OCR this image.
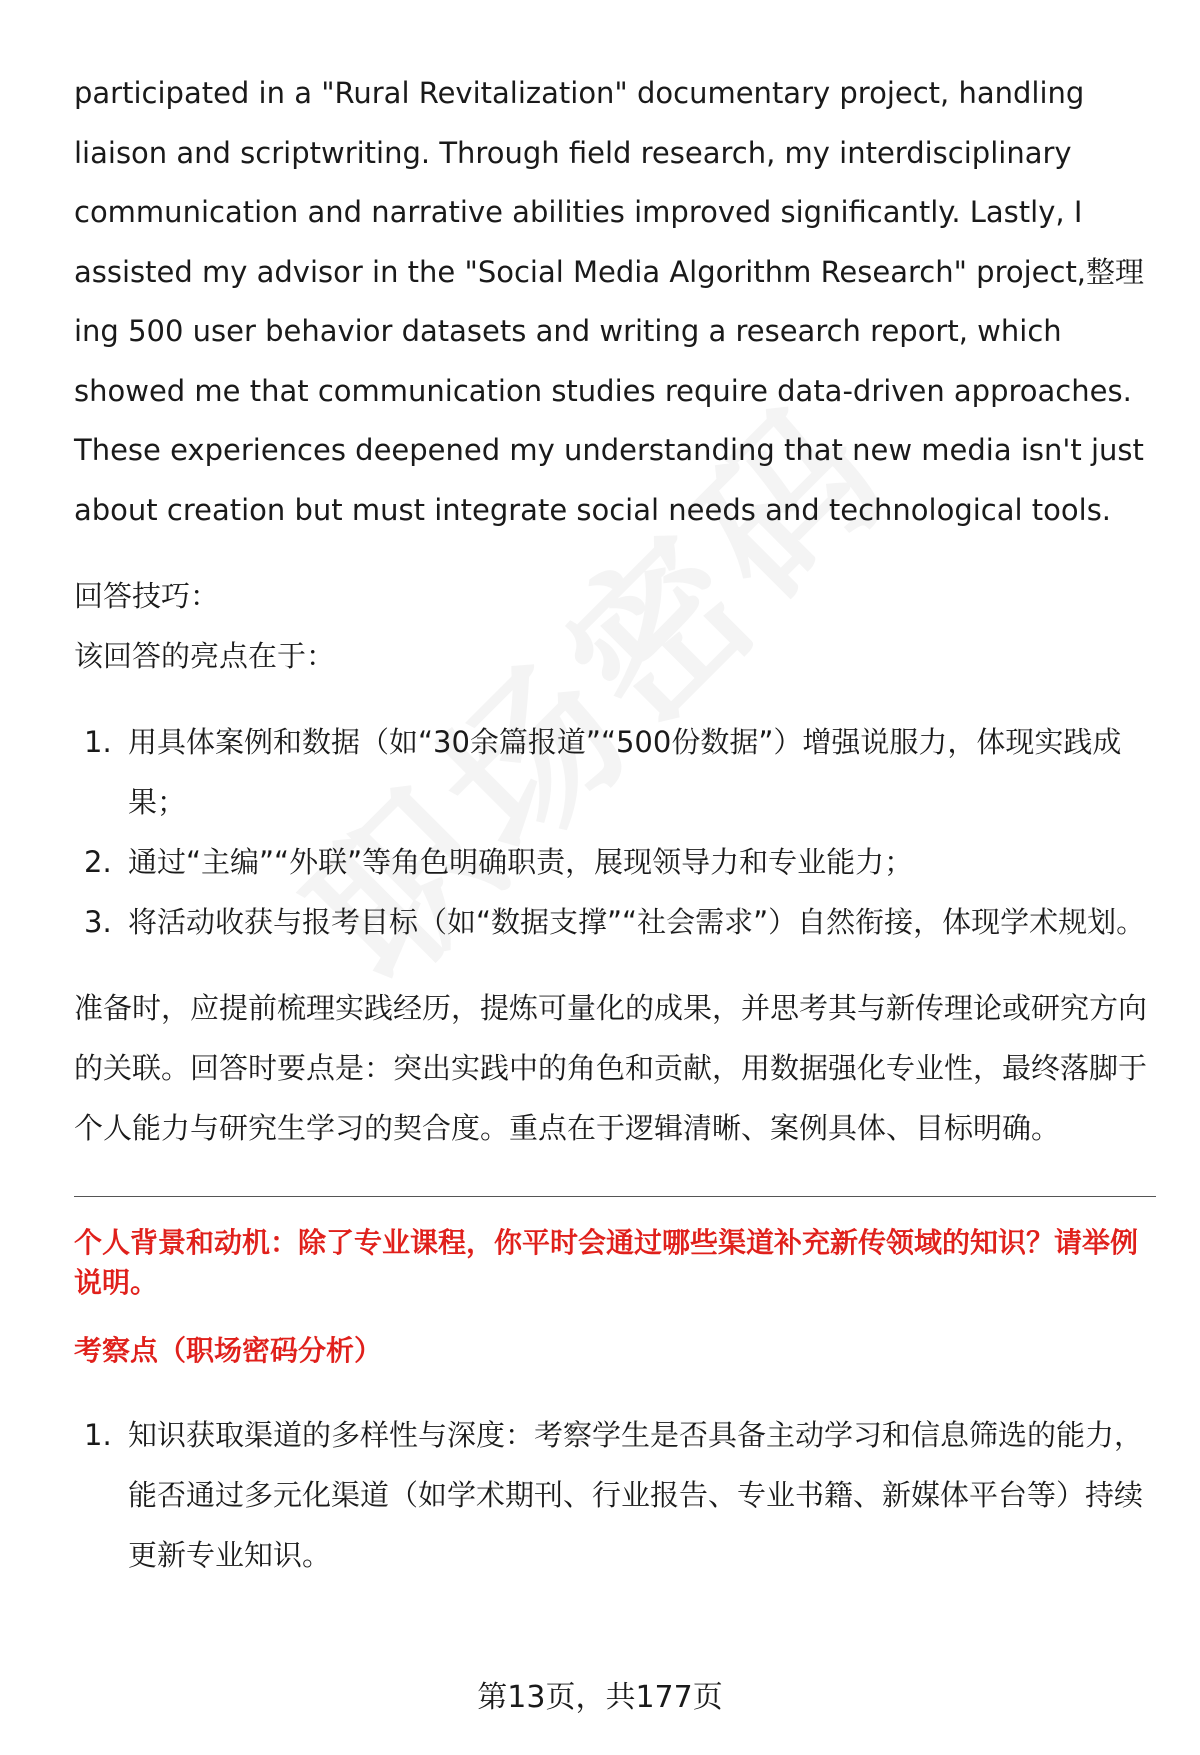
participated in a "Rural Revitalization" documentary project, handling liaison and scriptwriting. Through field research, my interdisciplinary communication and narrative abilities improved significantly. Lastly, I assisted my advisor in the "Social Media Algorithm Research" project,整理ing 500 user behavior datasets and writing a research report, which showed me that communication studies require data-driven approaches. These experiences deepened my understanding that new media isn't just about creation but must integrate social needs and technological tools.

回答技巧：

该回答的亮点在于：

1. 用具体案例和数据（如“30余篇报道”“500份数据”）增强说服力，体现实践成果；
2. 通过“主编”“外联”等角色明确职责，展现领导力和专业能力；
3. 将活动收获与报考目标（如“数据支撑”“社会需求”）自然衔接，体现学术规划。

准备时，应提前梳理实践经历，提炼可量化的成果，并思考其与新传理论或研究方向的关联。回答时要点是：突出实践中的角色和贡献，用数据强化专业性，最终落脚于个人能力与研究生学习的契合度。重点在于逻辑清晰、案例具体、目标明确。

个人背景和动机：除了专业课程，你平时会通过哪些渠道补充新传领域的知识？请举例说明。

考察点（职场密码分析）

1. 知识获取渠道的多样性与深度：考察学生是否具备主动学习和信息筛选的能力，能否通过多元化渠道（如学术期刊、行业报告、专业书籍、新媒体平台等）持续更新专业知识。
第13页，共177页
